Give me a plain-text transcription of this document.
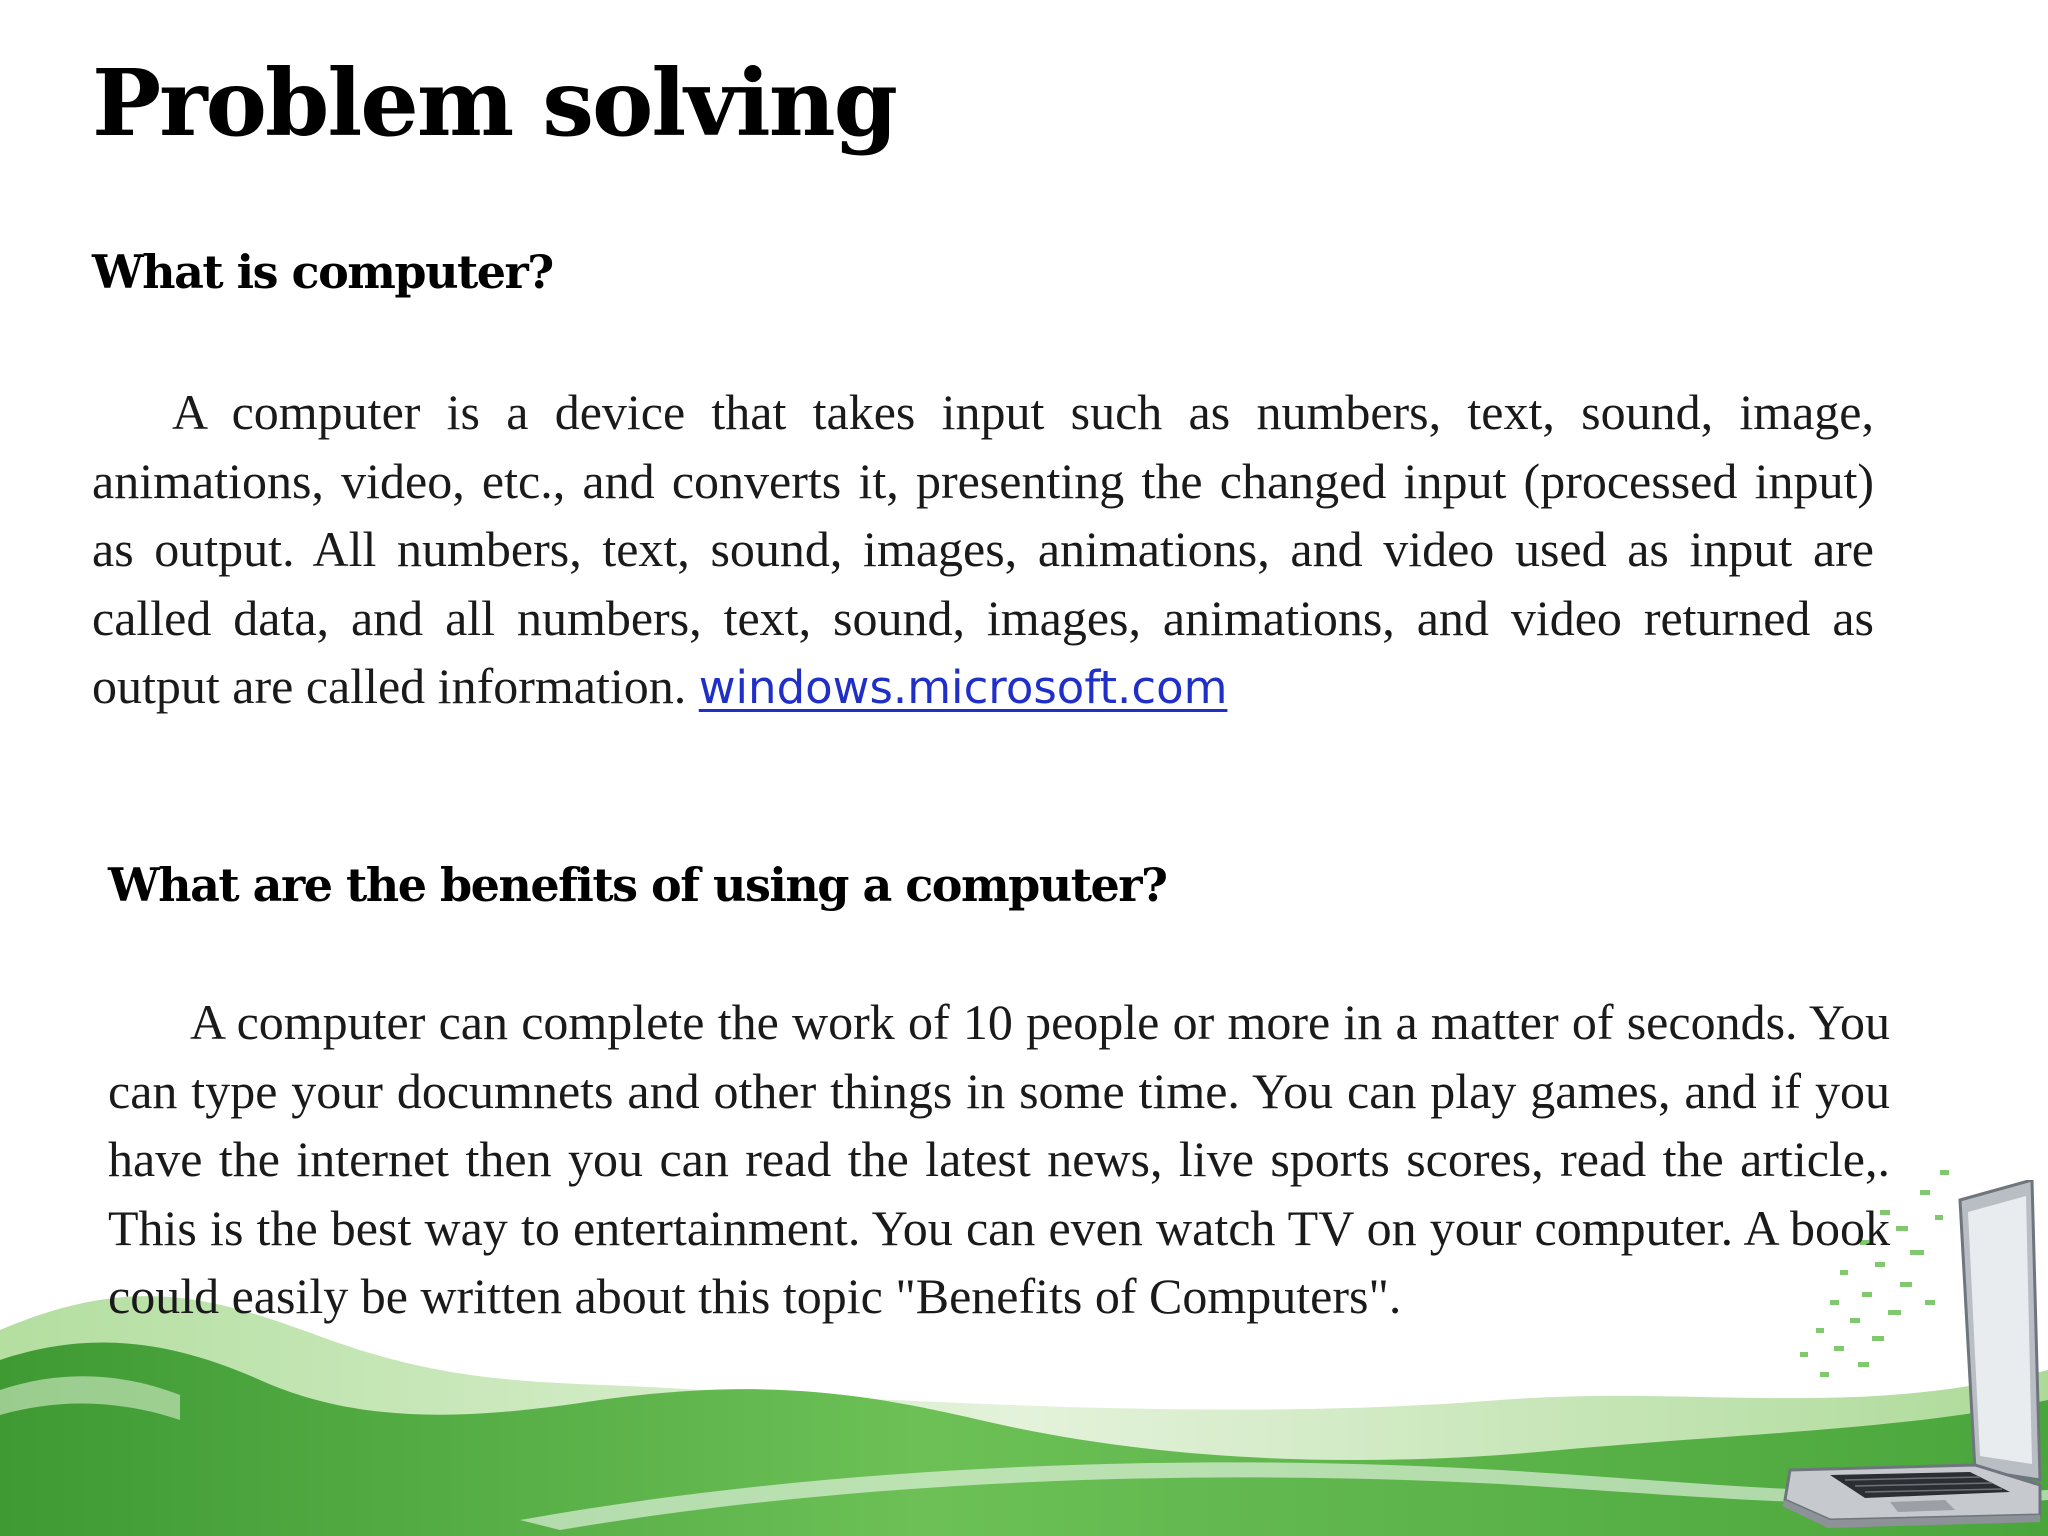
Problem solving
What is computer?

A computer is a device that takes input such as numbers, text, sound, image, animations, video, etc., and converts it, presenting the changed input (processed input) as output. All numbers, text, sound, images, animations, and video used as input are called data, and all numbers, text, sound, images, animations, and video returned as output are called information. windows.microsoft.com

What are the benefits of using a computer?

A computer can complete the work of 10 people or more in a matter of seconds. You can type your documnets and other things in some time. You can play games, and if you have the internet then you can read the latest news, live sports scores, read the article,. This is the best way to entertainment. You can even watch TV on your computer. A book could easily be written about this topic "Benefits of Computers".
